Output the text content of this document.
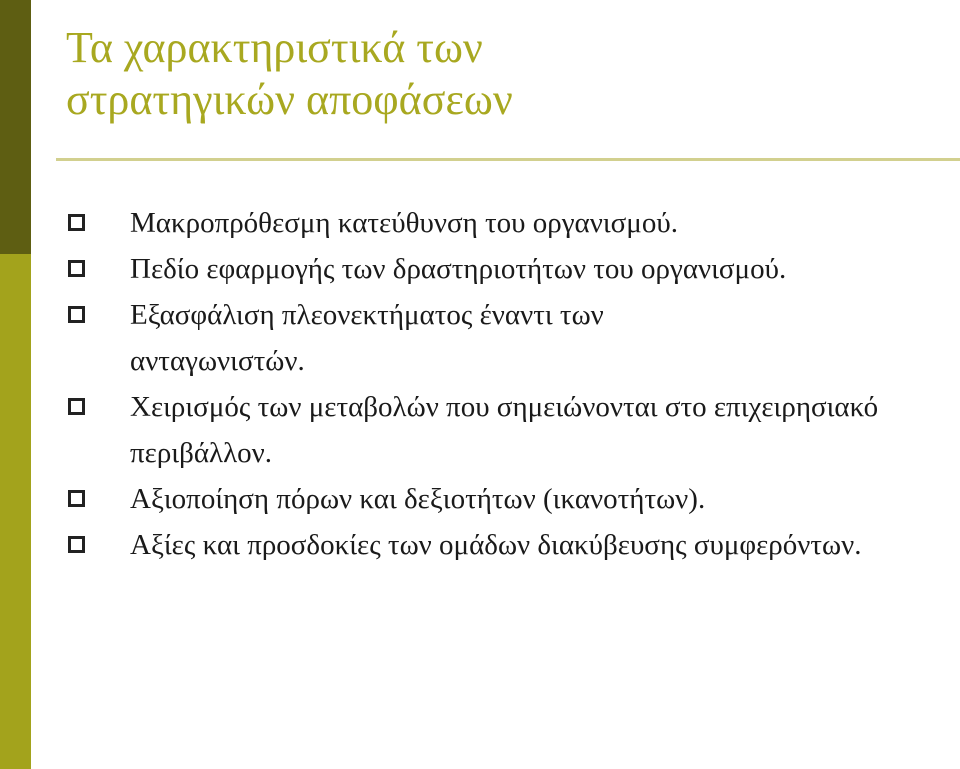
Τα χαρακτηριστικά των
στρατηγικών αποφάσεων
Μακροπρόθεσμη κατεύθυνση του οργανισμού.
Πεδίο εφαρμογής των δραστηριοτήτων του οργανισμού.
Εξασφάλιση πλεονεκτήματος έναντι των ανταγωνιστών.
Χειρισμός των μεταβολών που σημειώνονται στο επιχειρησιακό περιβάλλον.
Αξιοποίηση πόρων και δεξιοτήτων (ικανοτήτων).
Αξίες και προσδοκίες των ομάδων διακύβευσης συμφερόντων.
